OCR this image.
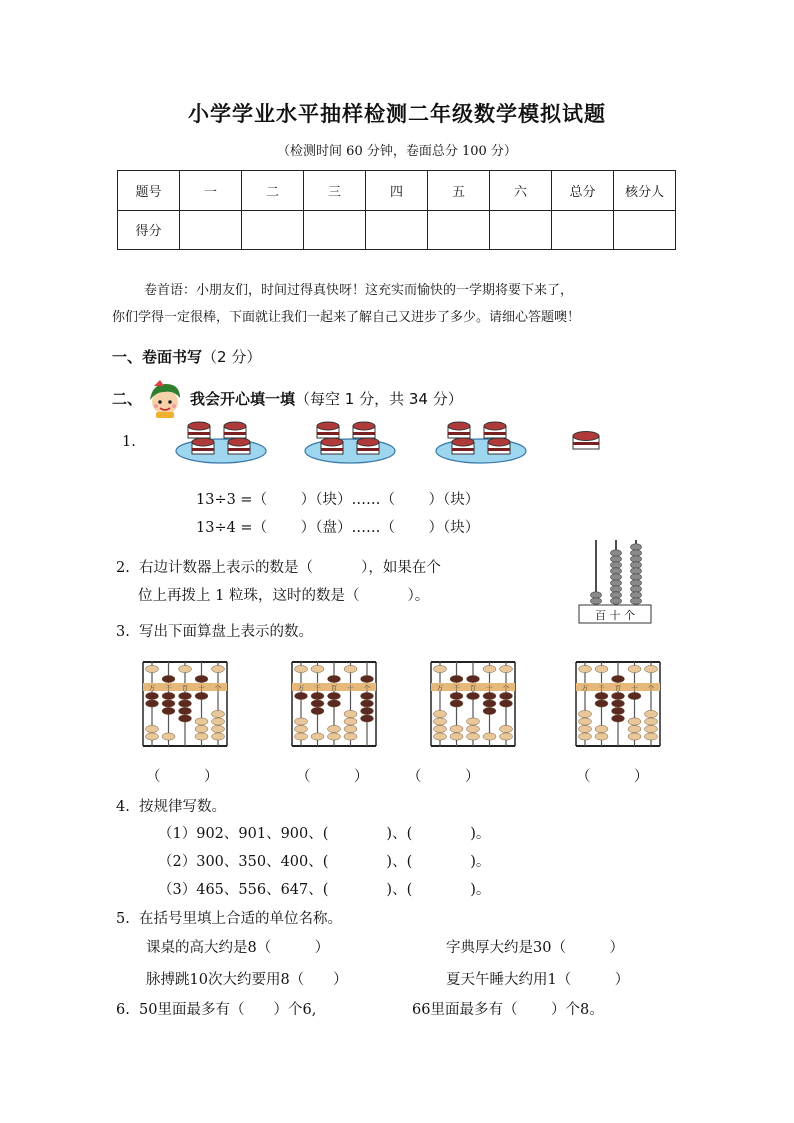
小学学业水平抽样检测二年级数学模拟试题
（检测时间 60 分钟，卷面总分 100 分）
题号	一	二	三	四	五	六	总分	核分人
得分								
卷首语：小朋友们，时间过得真快呀！这充实而愉快的一学期将要下来了，
你们学得一定很棒，下面就让我们一起来了解自己又进步了多少。请细心答题噢！
一、卷面书写（2 分）
二、	我会开心填一填（每空 1 分，共 34 分）
1.
13÷3 =（　　 ）（块）……（　　 ）（块）
13÷4 =（　　 ）（盘）……（　　 ）（块）
2.  右边计数器上表示的数是（　　　 ），如果在个
位上再拨上 1 粒珠，这时的数是（　　　 ）。
百 十 个
3.  写出下面算盘上表示的数。
万 千 百 十 个	万 千 百 十 个	万 千 百 十 个	万 千 百 十 个
（　　　）	（　　　）	（　　　）	（　　　）
4.  按规律写数。
（1）902、901、900、(　　　　)、(　　　　)。
（2）300、350、400、(　　　　)、(　　　　)。
（3）465、556、647、(　　　　)、(　　　　)。
5.  在括号里填上合适的单位名称。
课桌的高大约是8（　　　）	字典厚大约是30（　　　）
脉搏跳10次大约要用8（　　）	夏天午睡大约用1（　　　）
6.  50里面最多有（　　）个6,	66里面最多有（　　 ）个8。
